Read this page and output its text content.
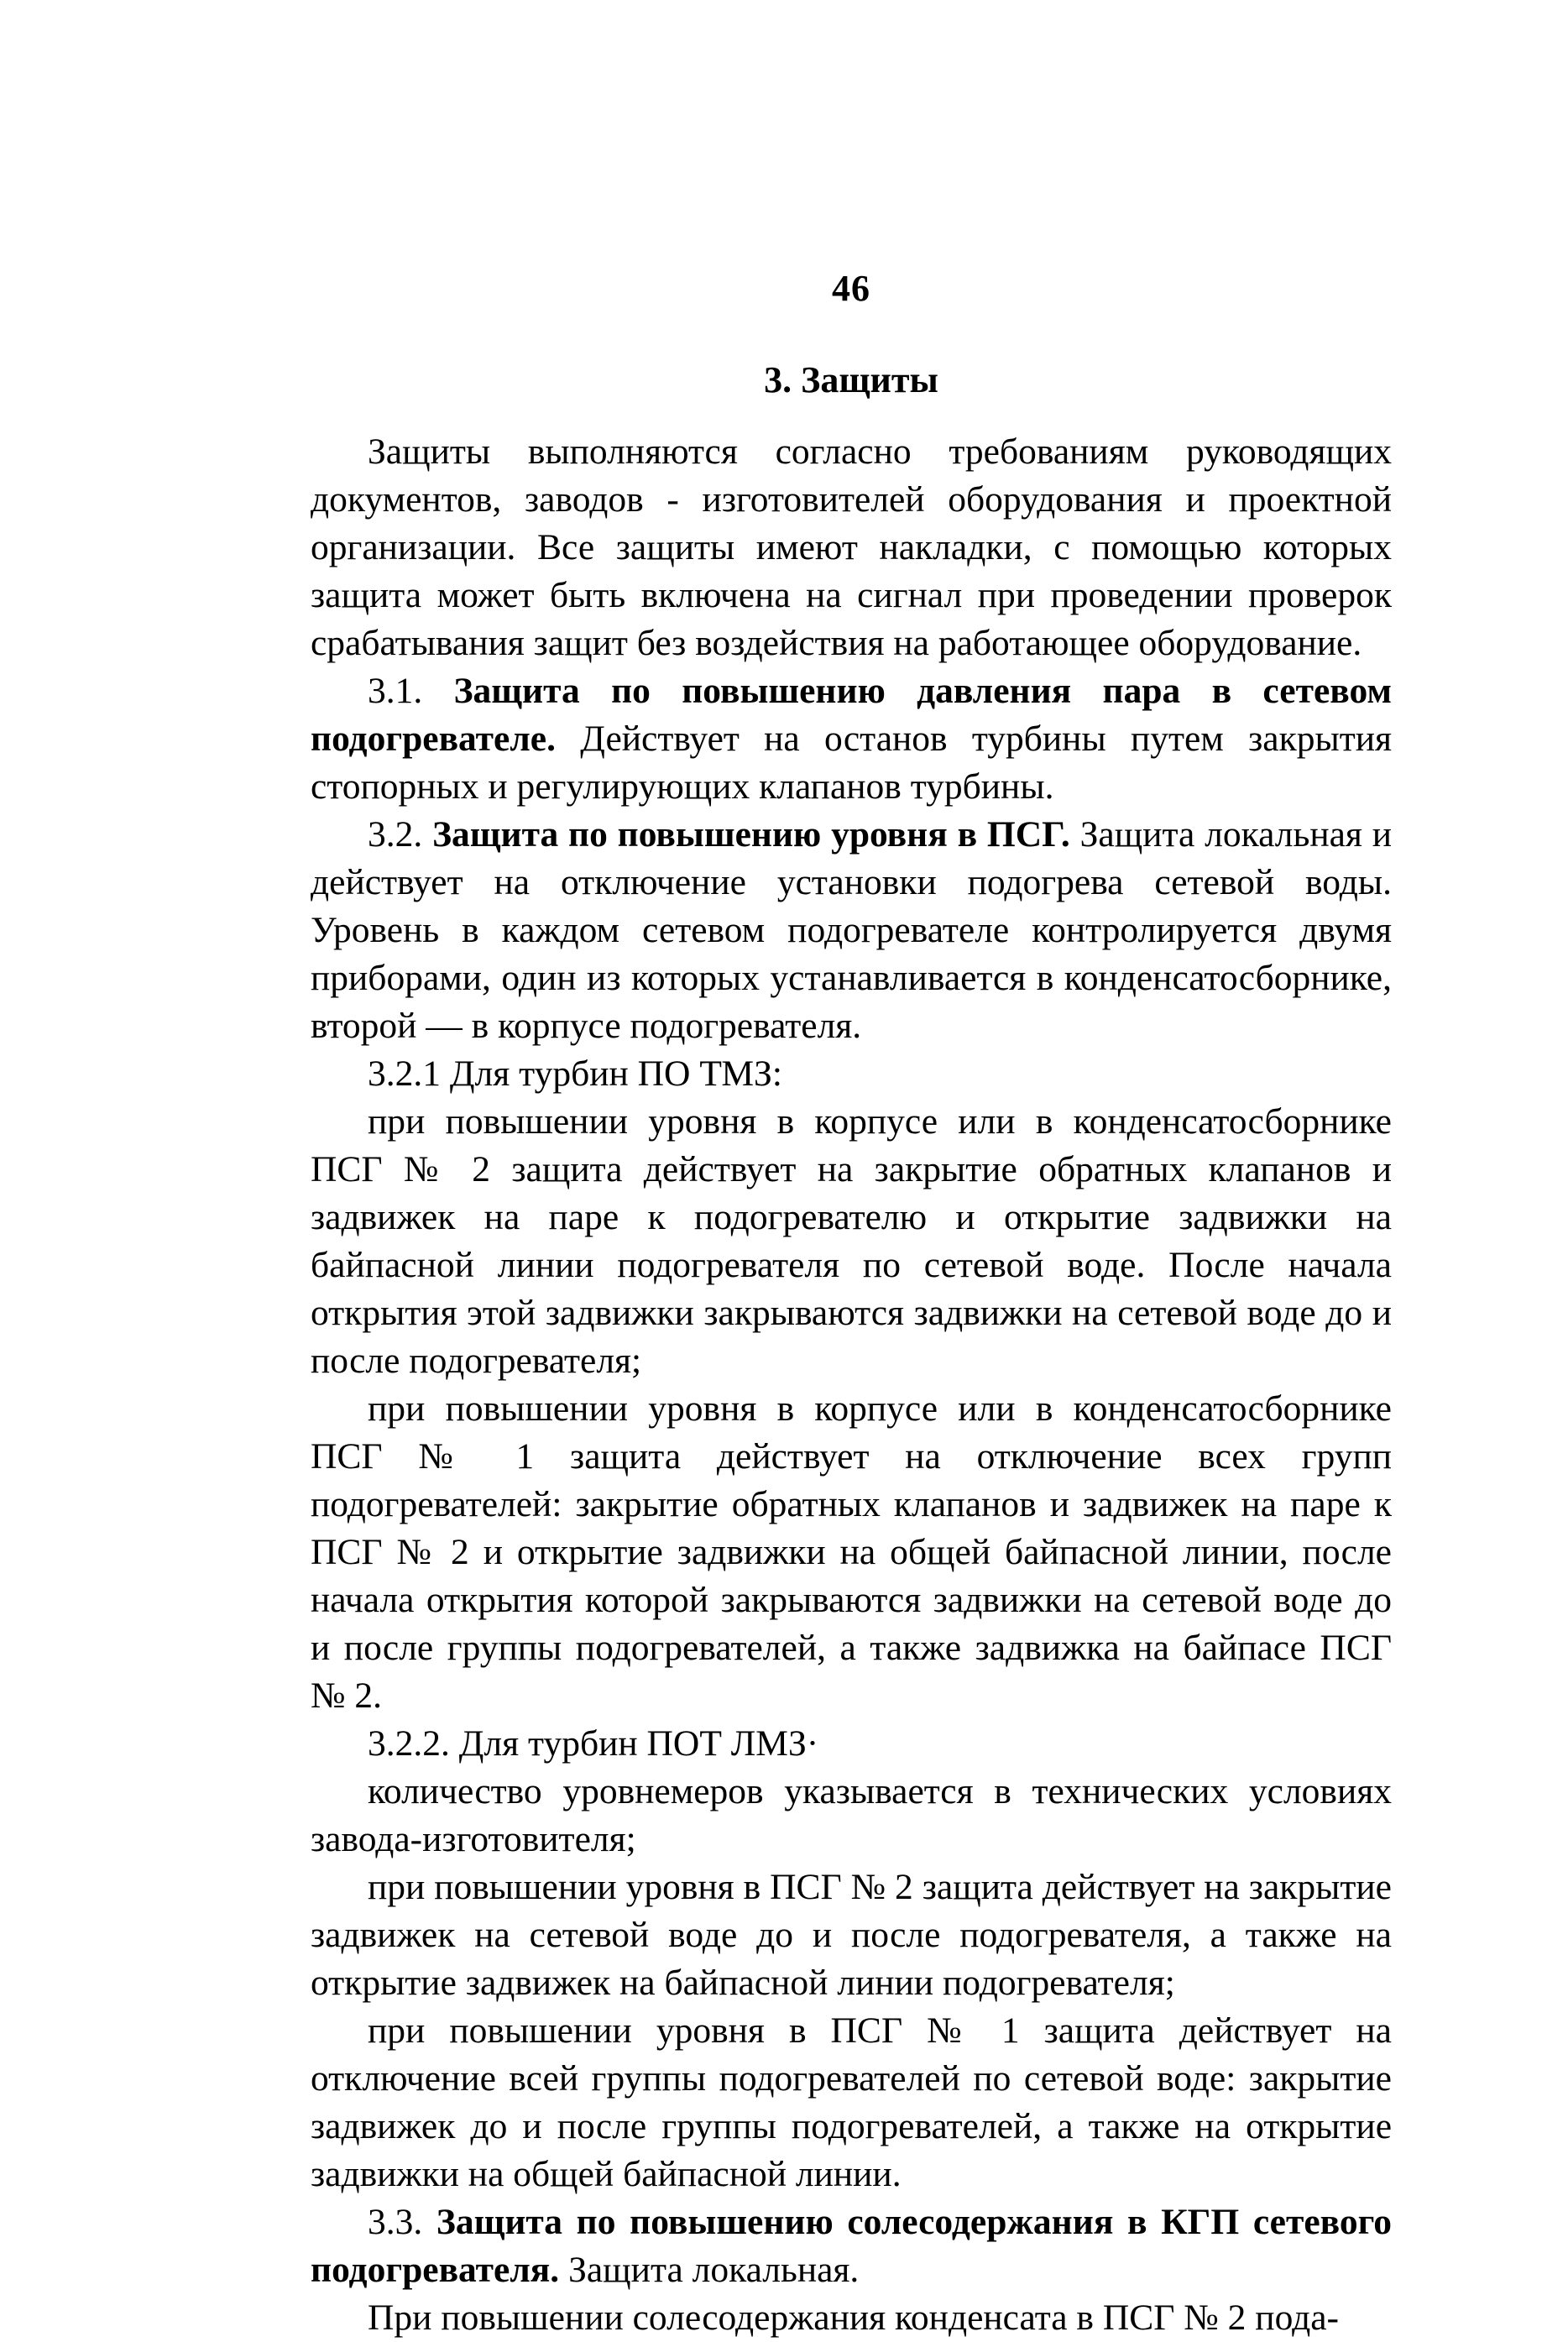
46
3. Защиты

Защиты выполняются согласно требованиям руководящих документов, заводов - изготовителей оборудования и проектной организации. Все защиты имеют накладки, с помощью которых защита может быть включена на сигнал при проведении проверок срабатывания защит без воздействия на работающее оборудование.

3.1. Защита по повышению давления пара в сетевом подогревателе. Действует на останов турбины путем закрытия стопорных и регулирующих клапанов турбины.

3.2. Защита по повышению уровня в ПСГ. Защита локальная и действует на отключение установки подогрева сетевой воды. Уровень в каждом сетевом подогревателе контролируется двумя приборами, один из которых устанавливается в конденсатосборнике, второй — в корпусе подогревателя.

3.2.1 Для турбин ПО ТМЗ:

при повышении уровня в корпусе или в конденсатосборнике ПСГ № 2 защита действует на закрытие обратных клапанов и задвижек на паре к подогревателю и открытие задвижки на байпасной линии подогревателя по сетевой воде. После начала открытия этой задвижки закрываются задвижки на сетевой воде до и после подогревателя;

при повышении уровня в корпусе или в конденсатосборнике ПСГ № 1 защита действует на отключение всех групп подогревателей: закрытие обратных клапанов и задвижек на паре к ПСГ № 2 и открытие задвижки на общей байпасной линии, после начала открытия которой закрываются задвижки на сетевой воде до и после группы подогревателей, а также задвижка на байпасе ПСГ № 2.

3.2.2. Для турбин ПОТ ЛМЗ·

количество уровнемеров указывается в технических условиях завода-изготовителя;

при повышении уровня в ПСГ № 2 защита действует на закрытие задвижек на сетевой воде до и после подогревателя, а также на открытие задвижек на байпасной линии подогревателя;

при повышении уровня в ПСГ № 1 защита действует на отключение всей группы подогревателей по сетевой воде: закрытие задвижек до и после группы подогревателей, а также на открытие задвижки на общей байпасной линии.

3.3. Защита по повышению солесодержания в КГП сетевого подогревателя. Защита локальная.

При повышении солесодержания конденсата в ПСГ № 2 пода-
